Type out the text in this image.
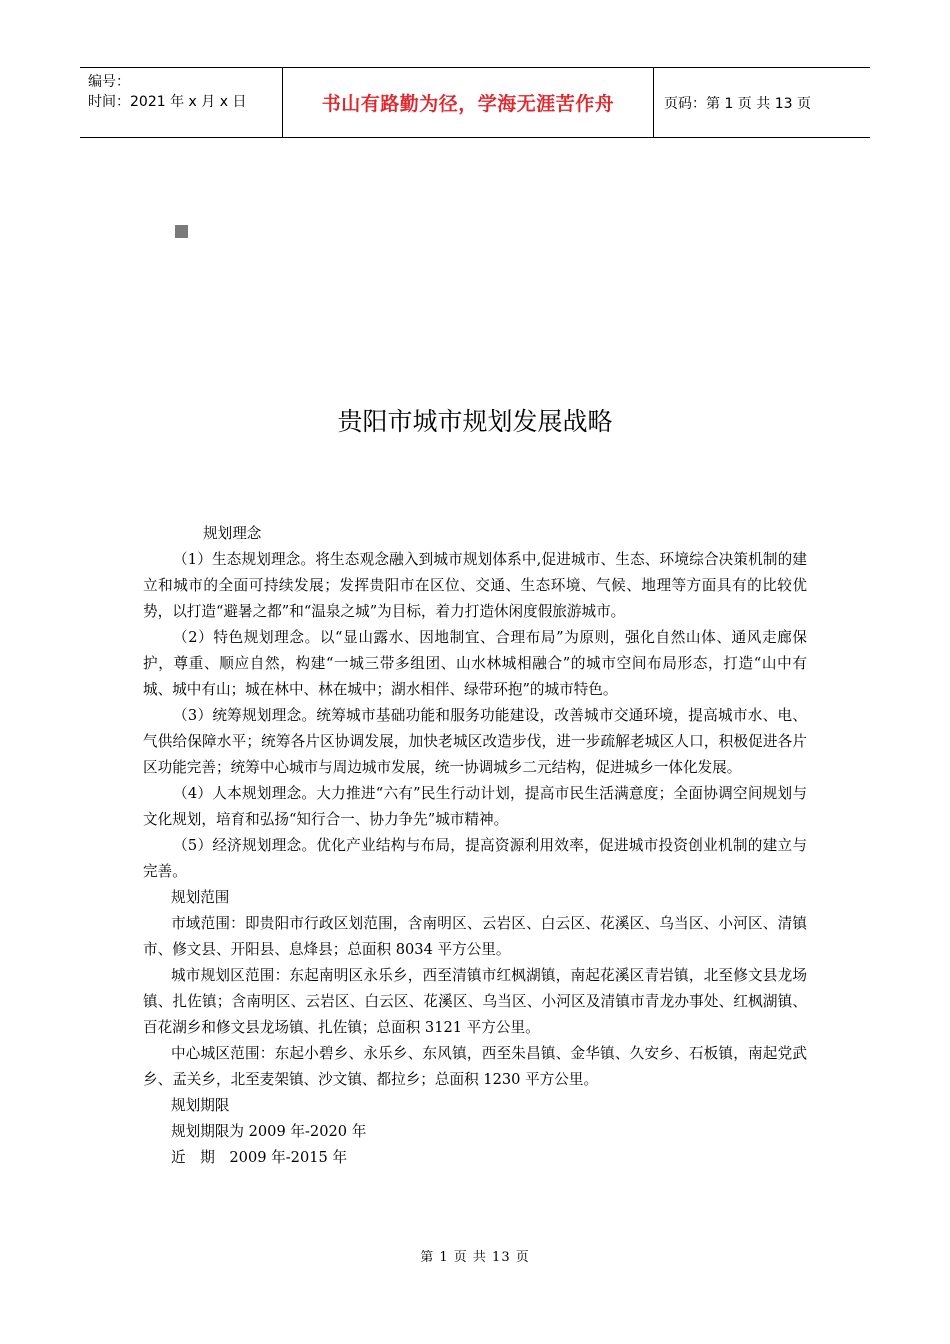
编号：
时间：2021 年 x 月 x 日	书山有路勤为径，学海无涯苦作舟	页码：第 1 页 共 13 页
贵阳市城市规划发展战略

规划理念

（1）生态规划理念。将生态观念融入到城市规划体系中,促进城市、生态、环境综合决策机制的建立和城市的全面可持续发展；发挥贵阳市在区位、交通、生态环境、气候、地理等方面具有的比较优势，以打造“避暑之都”和“温泉之城”为目标，着力打造休闲度假旅游城市。

（2）特色规划理念。以“显山露水、因地制宜、合理布局”为原则，强化自然山体、通风走廊保护，尊重、顺应自然，构建“一城三带多组团、山水林城相融合”的城市空间布局形态，打造“山中有城、城中有山；城在林中、林在城中；湖水相伴、绿带环抱”的城市特色。

（3）统筹规划理念。统筹城市基础功能和服务功能建设，改善城市交通环境，提高城市水、电、气供给保障水平；统筹各片区协调发展，加快老城区改造步伐，进一步疏解老城区人口，积极促进各片区功能完善；统筹中心城市与周边城市发展，统一协调城乡二元结构，促进城乡一体化发展。

（4）人本规划理念。大力推进“六有”民生行动计划，提高市民生活满意度；全面协调空间规划与文化规划，培育和弘扬“知行合一、协力争先”城市精神。

（5）经济规划理念。优化产业结构与布局，提高资源利用效率，促进城市投资创业机制的建立与完善。

规划范围

市域范围：即贵阳市行政区划范围，含南明区、云岩区、白云区、花溪区、乌当区、小河区、清镇市、修文县、开阳县、息烽县；总面积 8034 平方公里。

城市规划区范围：东起南明区永乐乡，西至清镇市红枫湖镇，南起花溪区青岩镇，北至修文县龙场镇、扎佐镇；含南明区、云岩区、白云区、花溪区、乌当区、小河区及清镇市青龙办事处、红枫湖镇、百花湖乡和修文县龙场镇、扎佐镇；总面积 3121 平方公里。

中心城区范围：东起小碧乡、永乐乡、东风镇，西至朱昌镇、金华镇、久安乡、石板镇，南起党武乡、孟关乡，北至麦架镇、沙文镇、都拉乡；总面积 1230 平方公里。

规划期限

规划期限为 2009 年-2020 年

近　期　2009 年-2015 年

第 1 页 共 13 页
